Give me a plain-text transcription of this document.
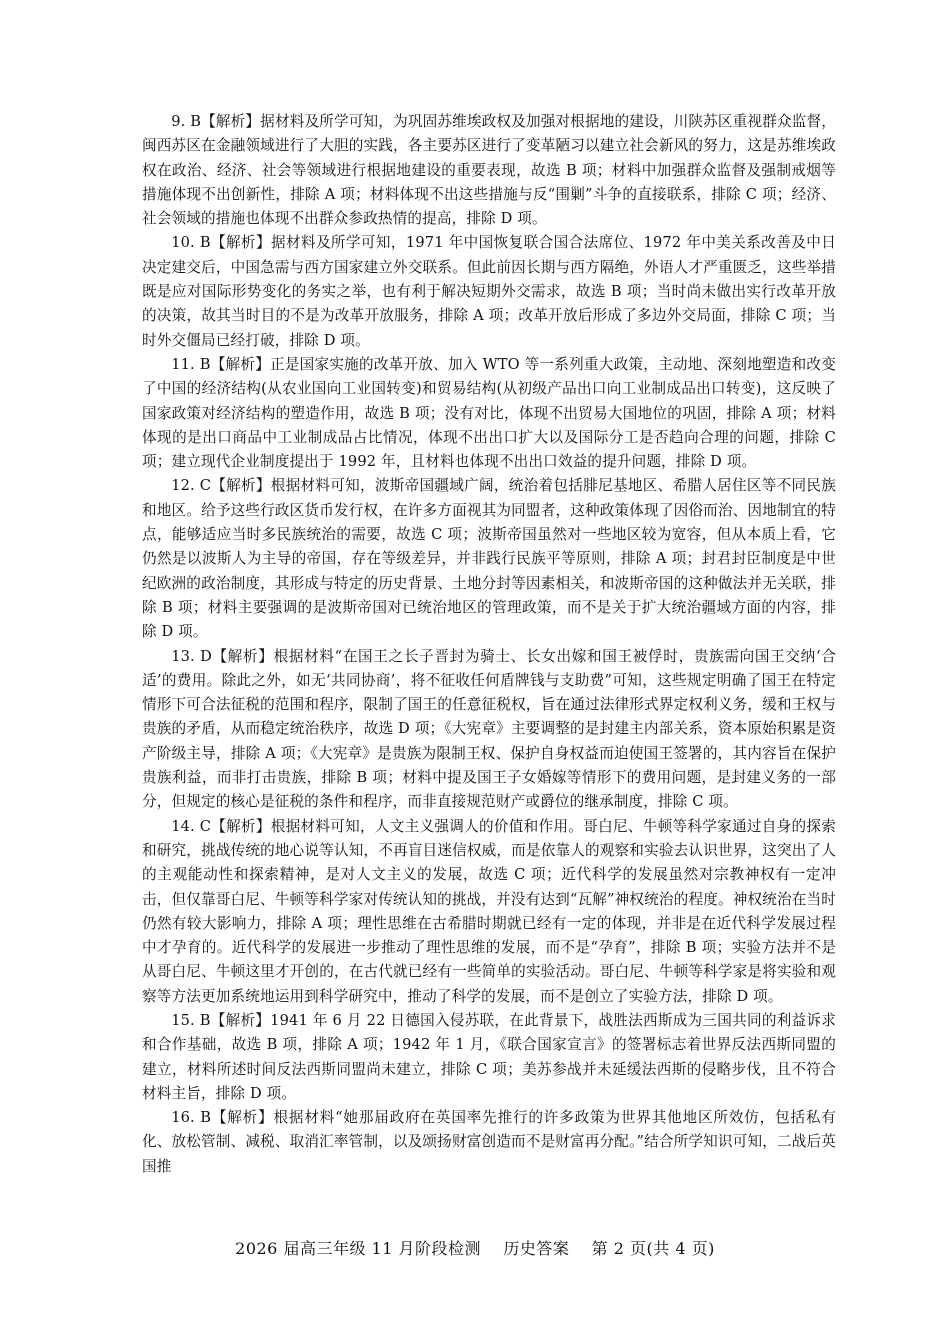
9. B【解析】据材料及所学可知，为巩固苏维埃政权及加强对根据地的建设，川陕苏区重视群众监督，闽西苏区在金融领域进行了大胆的实践，各主要苏区进行了变革陋习以建立社会新风的努力，这是苏维埃政权在政治、经济、社会等领域进行根据地建设的重要表现，故选 B 项；材料中加强群众监督及强制戒烟等措施体现不出创新性，排除 A 项；材料体现不出这些措施与反“围剿”斗争的直接联系，排除 C 项；经济、社会领域的措施也体现不出群众参政热情的提高，排除 D 项。

10. B【解析】据材料及所学可知，1971 年中国恢复联合国合法席位、1972 年中美关系改善及中日决定建交后，中国急需与西方国家建立外交联系。但此前因长期与西方隔绝，外语人才严重匮乏，这些举措既是应对国际形势变化的务实之举，也有利于解决短期外交需求，故选 B 项；当时尚未做出实行改革开放的决策，故其当时目的不是为改革开放服务，排除 A 项；改革开放后形成了多边外交局面，排除 C 项；当时外交僵局已经打破，排除 D 项。

11. B【解析】正是国家实施的改革开放、加入 WTO 等一系列重大政策，主动地、深刻地塑造和改变了中国的经济结构(从农业国向工业国转变)和贸易结构(从初级产品出口向工业制成品出口转变)，这反映了国家政策对经济结构的塑造作用，故选 B 项；没有对比，体现不出贸易大国地位的巩固，排除 A 项；材料体现的是出口商品中工业制成品占比情况，体现不出出口扩大以及国际分工是否趋向合理的问题，排除 C 项；建立现代企业制度提出于 1992 年，且材料也体现不出出口效益的提升问题，排除 D 项。

12. C【解析】根据材料可知，波斯帝国疆域广阔，统治着包括腓尼基地区、希腊人居住区等不同民族和地区。给予这些行政区货币发行权，在许多方面视其为同盟者，这种政策体现了因俗而治、因地制宜的特点，能够适应当时多民族统治的需要，故选 C 项；波斯帝国虽然对一些地区较为宽容，但从本质上看，它仍然是以波斯人为主导的帝国，存在等级差异，并非践行民族平等原则，排除 A 项；封君封臣制度是中世纪欧洲的政治制度，其形成与特定的历史背景、土地分封等因素相关，和波斯帝国的这种做法并无关联，排除 B 项；材料主要强调的是波斯帝国对已统治地区的管理政策，而不是关于扩大统治疆域方面的内容，排除 D 项。

13. D【解析】根据材料“在国王之长子晋封为骑士、长女出嫁和国王被俘时，贵族需向国王交纳‘合适’的费用。除此之外，如无‘共同协商’，将不征收任何盾牌钱与支助费”可知，这些规定明确了国王在特定情形下可合法征税的范围和程序，限制了国王的任意征税权，旨在通过法律形式界定权利义务，缓和王权与贵族的矛盾，从而稳定统治秩序，故选 D 项；《大宪章》主要调整的是封建主内部关系，资本原始积累是资产阶级主导，排除 A 项；《大宪章》是贵族为限制王权、保护自身权益而迫使国王签署的，其内容旨在保护贵族利益，而非打击贵族，排除 B 项；材料中提及国王子女婚嫁等情形下的费用问题，是封建义务的一部分，但规定的核心是征税的条件和程序，而非直接规范财产或爵位的继承制度，排除 C 项。

14. C【解析】根据材料可知，人文主义强调人的价值和作用。哥白尼、牛顿等科学家通过自身的探索和研究，挑战传统的地心说等认知，不再盲目迷信权威，而是依靠人的观察和实验去认识世界，这突出了人的主观能动性和探索精神，是对人文主义的发展，故选 C 项；近代科学的发展虽然对宗教神权有一定冲击，但仅靠哥白尼、牛顿等科学家对传统认知的挑战，并没有达到“瓦解”神权统治的程度。神权统治在当时仍然有较大影响力，排除 A 项；理性思维在古希腊时期就已经有一定的体现，并非是在近代科学发展过程中才孕育的。近代科学的发展进一步推动了理性思维的发展，而不是“孕育”，排除 B 项；实验方法并不是从哥白尼、牛顿这里才开创的，在古代就已经有一些简单的实验活动。哥白尼、牛顿等科学家是将实验和观察等方法更加系统地运用到科学研究中，推动了科学的发展，而不是创立了实验方法，排除 D 项。

15. B【解析】1941 年 6 月 22 日德国入侵苏联，在此背景下，战胜法西斯成为三国共同的利益诉求和合作基础，故选 B 项，排除 A 项；1942 年 1 月，《联合国家宣言》的签署标志着世界反法西斯同盟的建立，材料所述时间反法西斯同盟尚未建立，排除 C 项；美苏参战并未延缓法西斯的侵略步伐，且不符合材料主旨，排除 D 项。

16. B【解析】根据材料“她那届政府在英国率先推行的许多政策为世界其他地区所效仿，包括私有化、放松管制、减税、取消汇率管制，以及颂扬财富创造而不是财富再分配。”结合所学知识可知，二战后英国推

2026 届高三年级 11 月阶段检测    历史答案    第 2 页(共 4 页)
